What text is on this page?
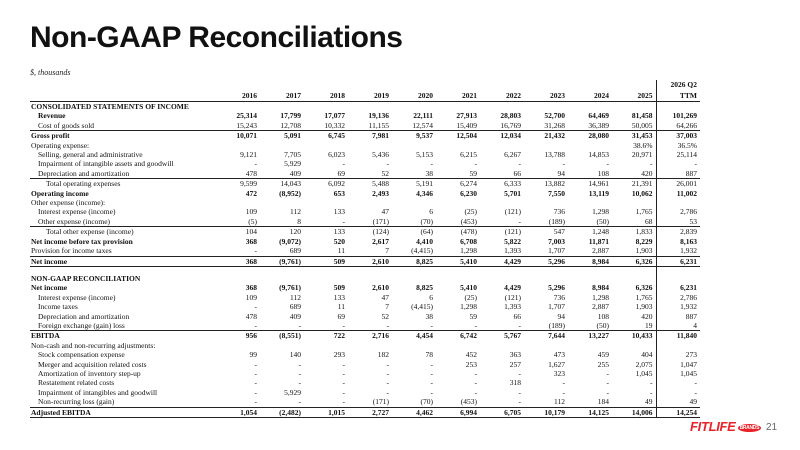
Non-GAAP Reconciliations
$, thousands
											2026 Q2
	2016	2017	2018	2019	2020	2021	2022	2023	2024	2025	TTM
CONSOLIDATED STATEMENTS OF INCOME											
Revenue	25,314	17,799	17,077	19,136	22,111	27,913	28,803	52,700	64,469	81,458	101,269
Cost of goods sold	15,243	12,708	10,332	11,155	12,574	15,409	16,769	31,268	36,389	50,005	64,266
Gross profit	10,071	5,091	6,745	7,981	9,537	12,504	12,034	21,432	28,080	31,453	37,003
Operating expense:										38.6%	36.5%
Selling, general and administrative	9,121	7,705	6,023	5,436	5,153	6,215	6,267	13,788	14,853	20,971	25,114
Impairment of intangible assets and goodwill	-	5,929	-	-	-	-	-	-	-	-	-
Depreciation and amortization	478	409	69	52	38	59	66	94	108	420	887
Total operating expenses	9,599	14,043	6,092	5,488	5,191	6,274	6,333	13,882	14,961	21,391	26,001
Operating income	472	(8,952)	653	2,493	4,346	6,230	5,701	7,550	13,119	10,062	11,002
Other expense (income):											
Interest expense (income)	109	112	133	47	6	(25)	(121)	736	1,298	1,765	2,786
Other expense (income)	(5)	8	-	(171)	(70)	(453)	-	(189)	(50)	68	53
Total other expense (income)	104	120	133	(124)	(64)	(478)	(121)	547	1,248	1,833	2,839
Net income before tax provision	368	(9,072)	520	2,617	4,410	6,708	5,822	7,003	11,871	8,229	8,163
Provision for income taxes	-	689	11	7	(4,415)	1,298	1,393	1,707	2,887	1,903	1,932
Net income	368	(9,761)	509	2,610	8,825	5,410	4,429	5,296	8,984	6,326	6,231

NON-GAAP RECONCILIATION											
Net income	368	(9,761)	509	2,610	8,825	5,410	4,429	5,296	8,984	6,326	6,231
Interest expense (income)	109	112	133	47	6	(25)	(121)	736	1,298	1,765	2,786
Income taxes	-	689	11	7	(4,415)	1,298	1,393	1,707	2,887	1,903	1,932
Depreciation and amortization	478	409	69	52	38	59	66	94	108	420	887
Foreign exchange (gain) loss	-	-	-	-	-	-	-	(189)	(50)	19	4
EBITDA	956	(8,551)	722	2,716	4,454	6,742	5,767	7,644	13,227	10,433	11,840
Non-cash and non-recurring adjustments:											
Stock compensation expense	99	140	293	182	78	452	363	473	459	404	273
Merger and acquisition related costs	-	-	-	-	-	253	257	1,627	255	2,075	1,047
Amortization of inventory step-up	-	-	-	-	-	-	-	323	-	1,045	1,045
Restatement related costs	-	-	-	-	-	-	318	-	-	-	-
Impairment of intangibles and goodwill	-	5,929	-	-	-	-	-	-	-	-	-
Non-recurring loss (gain)	-	-	-	(171)	(70)	(453)	-	112	184	49	49
Adjusted EBITDA	1,054	(2,482)	1,015	2,727	4,462	6,994	6,705	10,179	14,125	14,006	14,254
FITLIFE BRANDS 21
